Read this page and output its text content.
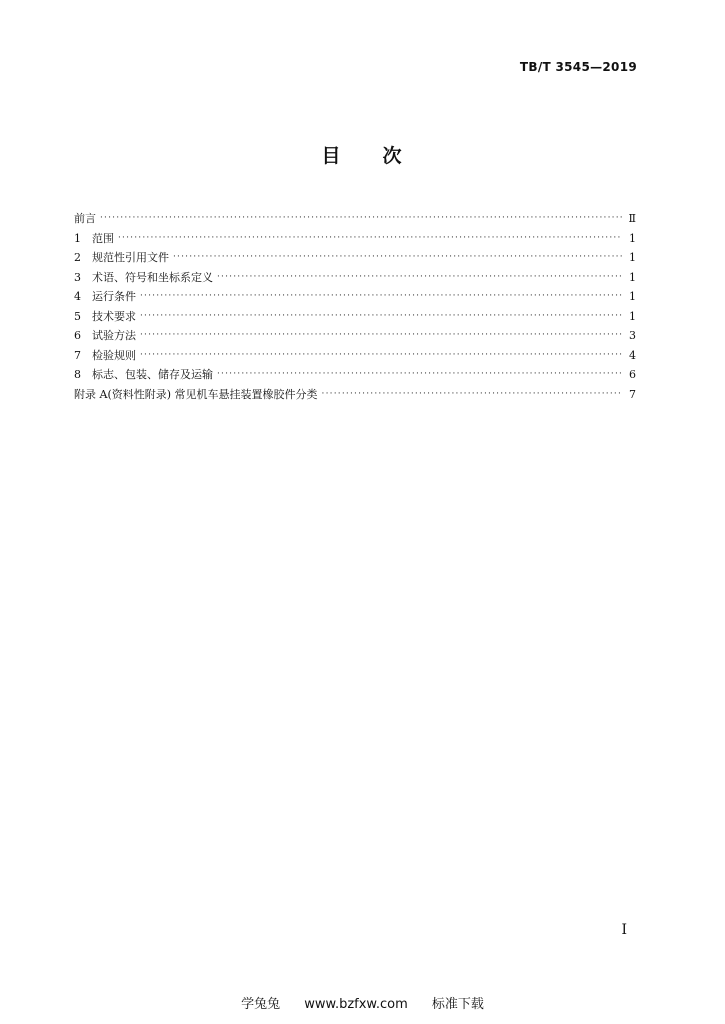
TB/T 3545—2019
目 次
前言 ·····	Ⅱ
1	范围 ·····	1
2	规范性引用文件 ·····	1
3	术语、符号和坐标系定义 ·····	1
4	运行条件 ·····	1
5	技术要求 ·····	1
6	试验方法 ·····	3
7	检验规则 ·····	4
8	标志、包装、储存及运输 ·····	6
附录 A(资料性附录) 常见机车悬挂装置橡胶件分类 ·····	7
I
学兔兔 www.bzfxw.com 标准下载
